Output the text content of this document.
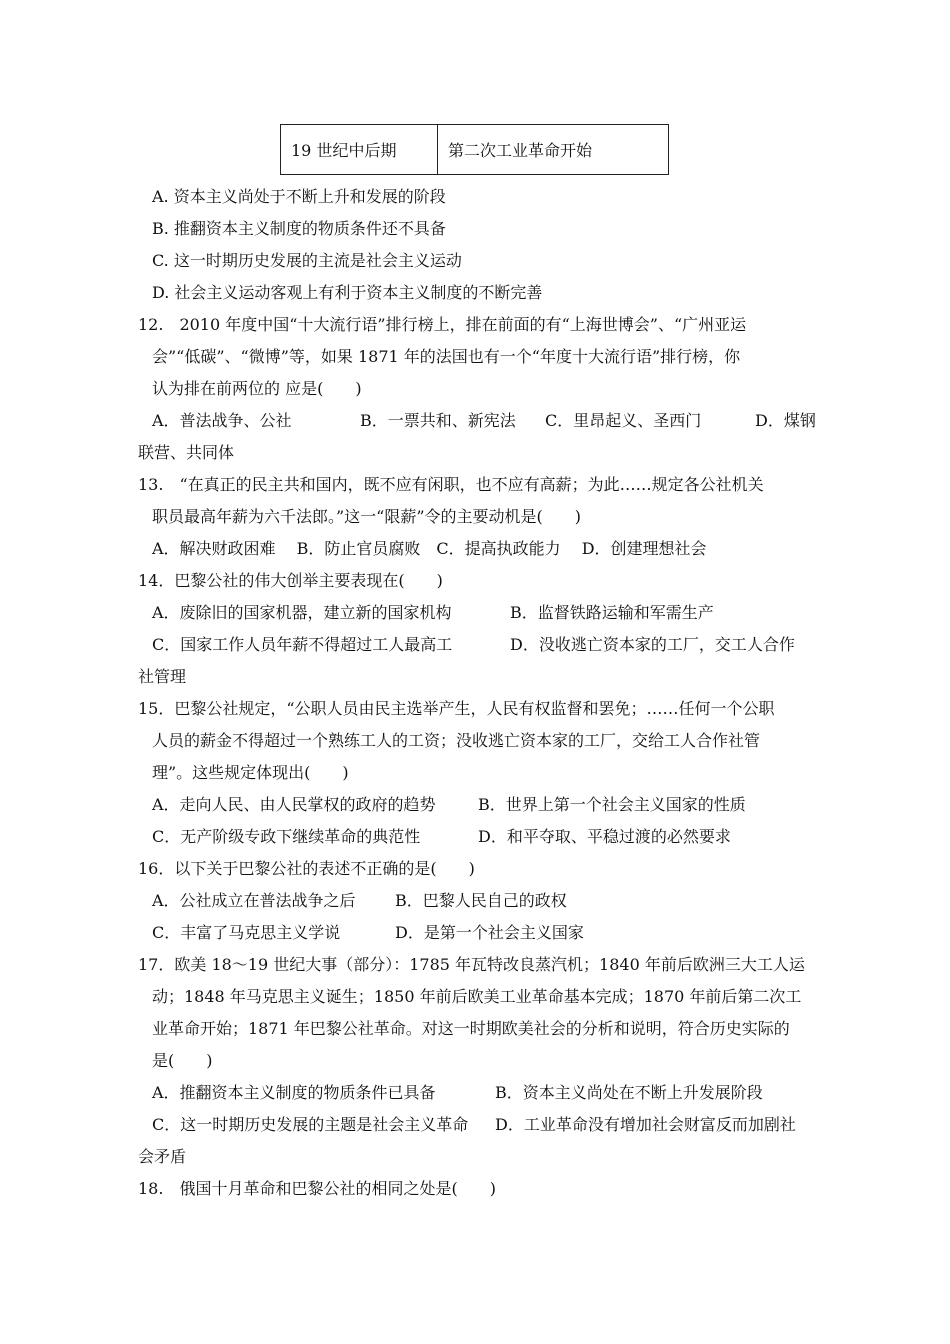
19 世纪中后期	第二次工业革命开始
A. 资本主义尚处于不断上升和发展的阶段
B. 推翻资本主义制度的物质条件还不具备
C. 这一时期历史发展的主流是社会主义运动
D. 社会主义运动客观上有利于资本主义制度的不断完善
12.　2010 年度中国“十大流行语”排行榜上，排在前面的有“上海世博会”、“广州亚运
会”“低碳”、“微博”等，如果 1871 年的法国也有一个“年度十大流行语”排行榜，你
认为排在前两位的 应是(　　)
A．普法战争、公社	B．一票共和、新宪法 C．里昂起义、圣西门	D．煤钢
联营、共同体
13.　“在真正的民主共和国内，既不应有闲职，也不应有高薪；为此……规定各公社机关
职员最高年薪为六千法郎。”这一“限薪”令的主要动机是(　　)
A．解决财政困难　 B．防止官员腐败　C．提高执政能力　 D．创建理想社会
14．巴黎公社的伟大创举主要表现在(　　)
A．废除旧的国家机器，建立新的国家机构	B．监督铁路运输和军需生产
C．国家工作人员年薪不得超过工人最高工	D．没收逃亡资本家的工厂，交工人合作
社管理
15．巴黎公社规定，“公职人员由民主选举产生，人民有权监督和罢免；……任何一个公职
人员的薪金不得超过一个熟练工人的工资；没收逃亡资本家的工厂，交给工人合作社管
理”。这些规定体现出(　　)
A．走向人民、由人民掌权的政府的趋势	B．世界上第一个社会主义国家的性质
C．无产阶级专政下继续革命的典范性	D．和平夺取、平稳过渡的必然要求
16．以下关于巴黎公社的表述不正确的是(　　)
A．公社成立在普法战争之后 B．巴黎人民自己的政权
C．丰富了马克思主义学说	D．是第一个社会主义国家
17．欧美 18～19 世纪大事（部分）：1785 年瓦特改良蒸汽机；1840 年前后欧洲三大工人运
动；1848 年马克思主义诞生；1850 年前后欧美工业革命基本完成；1870 年前后第二次工
业革命开始；1871 年巴黎公社革命。对这一时期欧美社会的分析和说明，符合历史实际的
是(　　)
A．推翻资本主义制度的物质条件已具备	B．资本主义尚处在不断上升发展阶段
C．这一时期历史发展的主题是社会主义革命 D．工业革命没有增加社会财富反而加剧社
会矛盾
18.　俄国十月革命和巴黎公社的相同之处是(　　)
